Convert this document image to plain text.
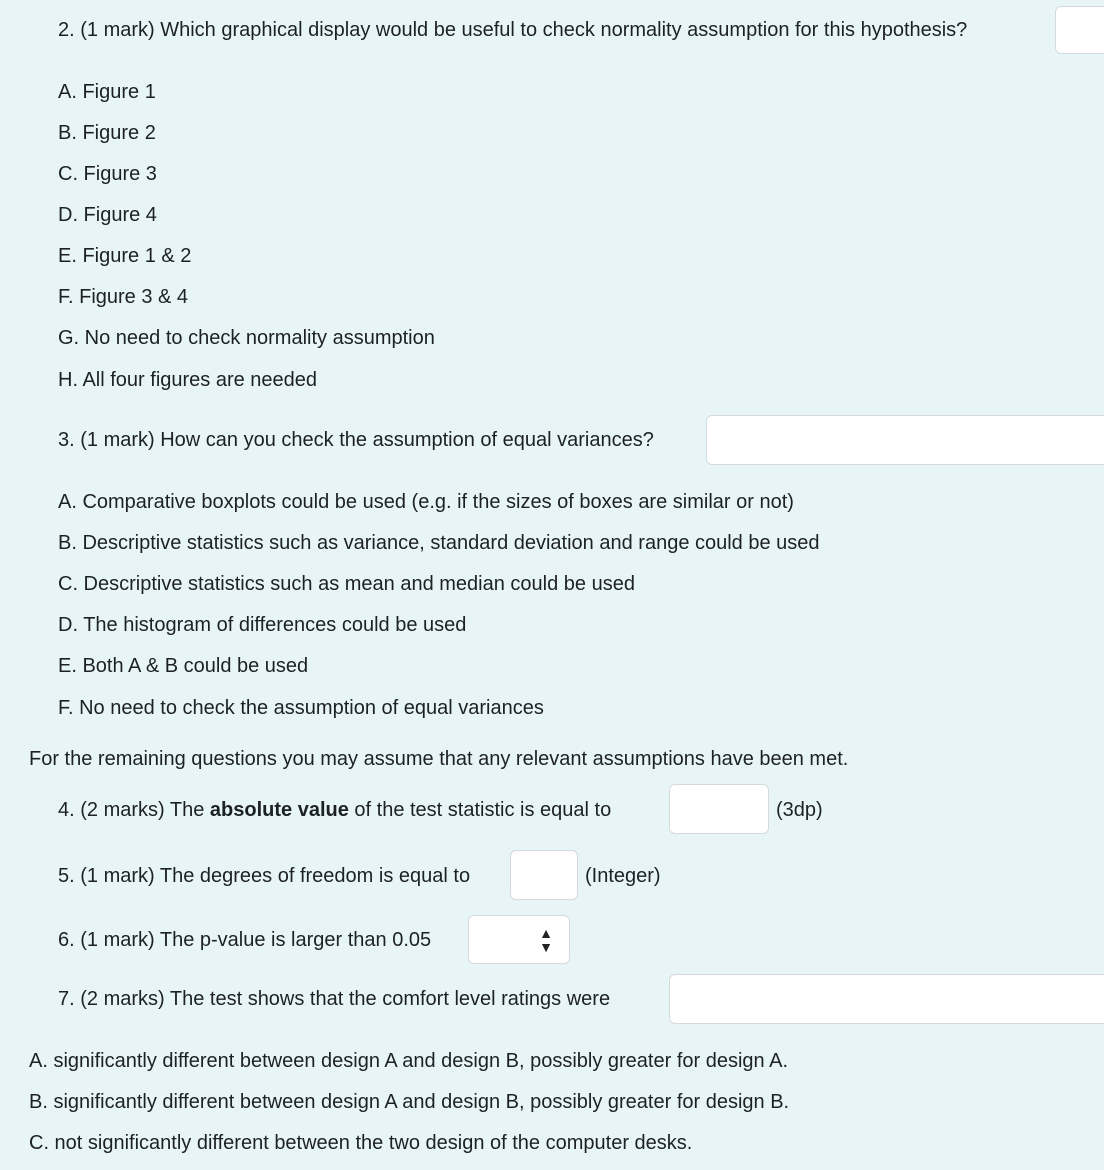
2. (1 mark) Which graphical display would be useful to check normality assumption for this hypothesis?
A. Figure 1
B. Figure 2
C. Figure 3
D. Figure 4
E. Figure 1 & 2
F. Figure 3 & 4
G. No need to check normality assumption
H. All four figures are needed
3. (1 mark) How can you check the assumption of equal variances?
A. Comparative boxplots could be used (e.g. if the sizes of boxes are similar or not)
B. Descriptive statistics such as variance, standard deviation and range could be used
C. Descriptive statistics such as mean and median could be used
D. The histogram of differences could be used
E. Both A & B could be used
F. No need to check the assumption of equal variances
For the remaining questions you may assume that any relevant assumptions have been met.
4. (2 marks) The absolute value of the test statistic is equal to	(3dp)
5. (1 mark) The degrees of freedom is equal to	(Integer)
6. (1 mark) The p-value is larger than 0.05	▲
▼
7. (2 marks) The test shows that the comfort level ratings were
A. significantly different between design A and design B, possibly greater for design A.
B. significantly different between design A and design B, possibly greater for design B.
C. not significantly different between the two design of the computer desks.
